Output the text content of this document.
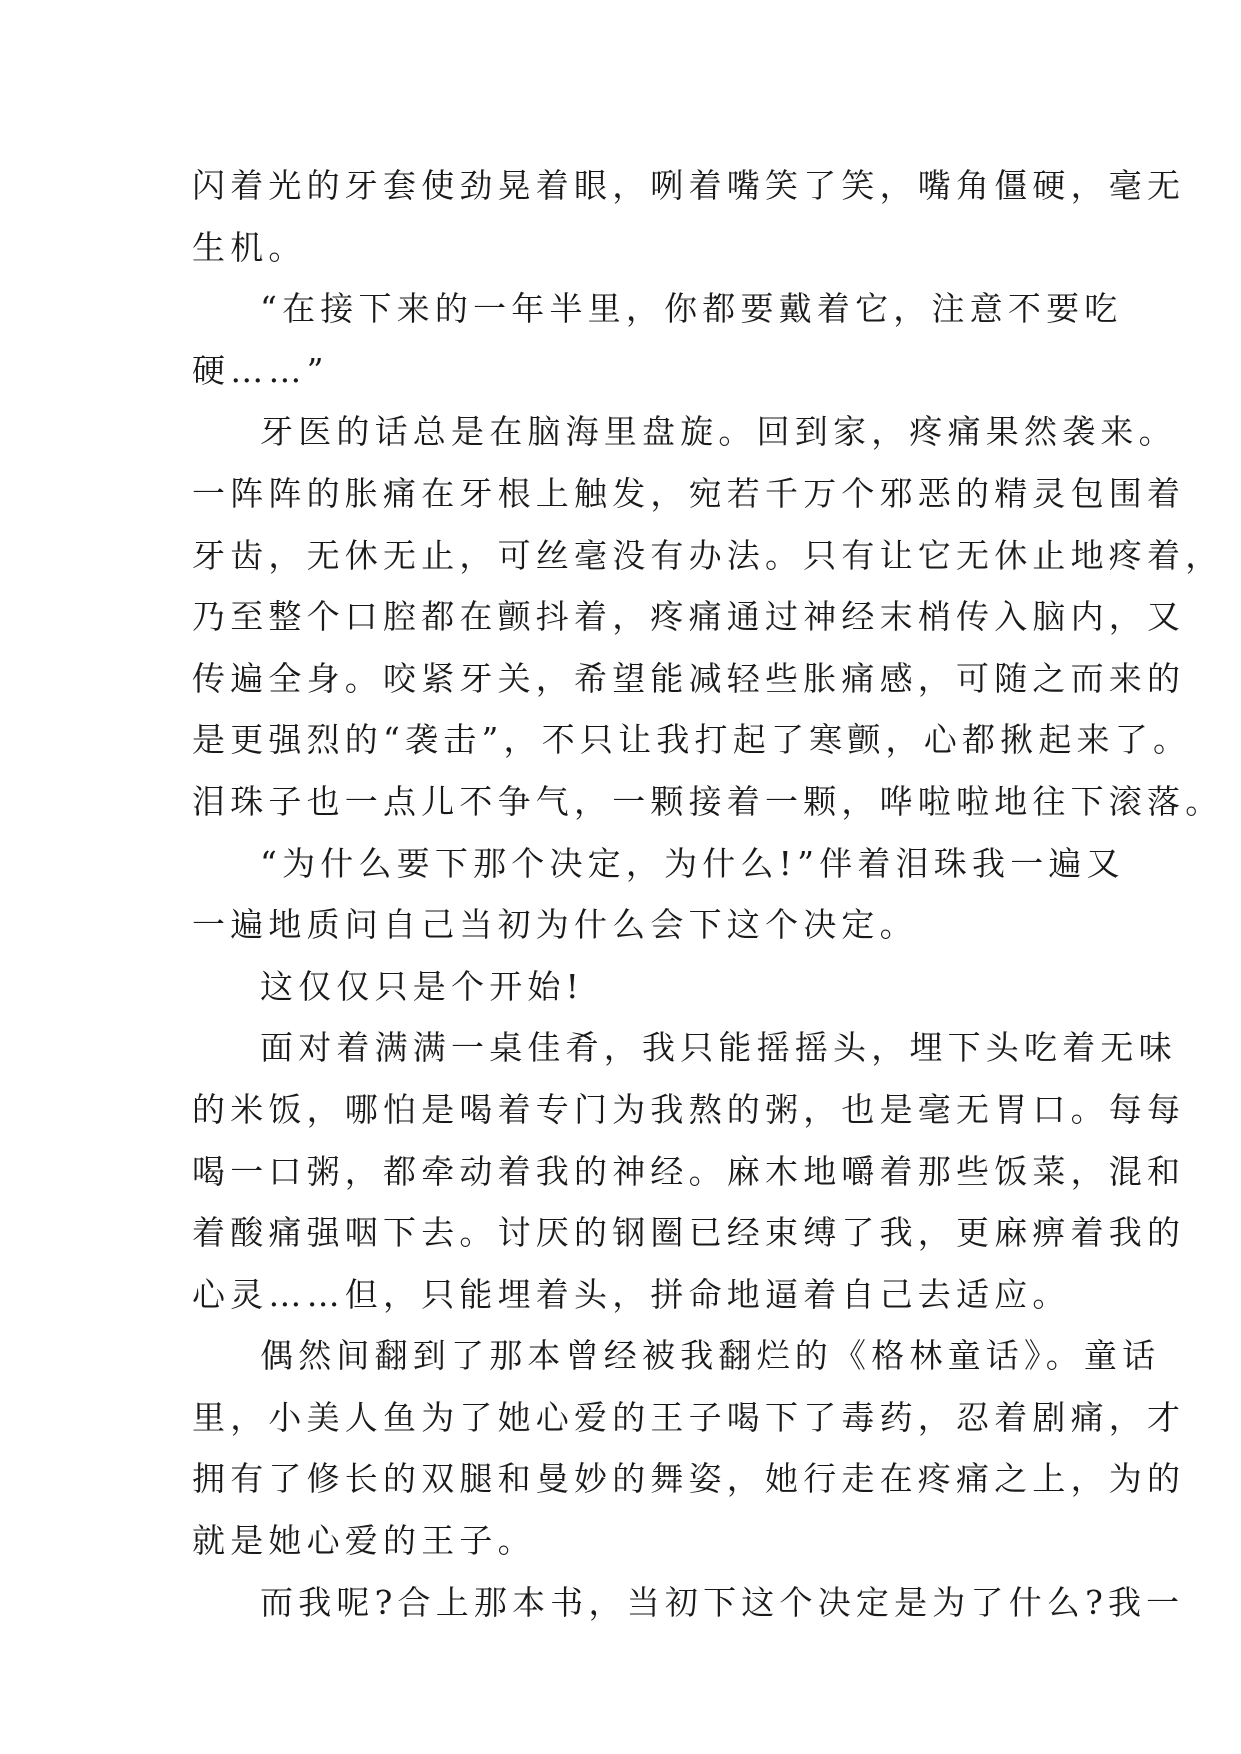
闪着光的牙套使劲晃着眼，咧着嘴笑了笑，嘴角僵硬，毫无
生机。
“在接下来的一年半里，你都要戴着它，注意不要吃
硬……”
牙医的话总是在脑海里盘旋。回到家，疼痛果然袭来。
一阵阵的胀痛在牙根上触发，宛若千万个邪恶的精灵包围着
牙齿，无休无止，可丝毫没有办法。只有让它无休止地疼着，
乃至整个口腔都在颤抖着，疼痛通过神经末梢传入脑内，又
传遍全身。咬紧牙关，希望能减轻些胀痛感，可随之而来的
是更强烈的“袭击”，不只让我打起了寒颤，心都揪起来了。
泪珠子也一点儿不争气，一颗接着一颗，哗啦啦地往下滚落。
“为什么要下那个决定，为什么!”伴着泪珠我一遍又
一遍地质问自己当初为什么会下这个决定。
这仅仅只是个开始!
面对着满满一桌佳肴，我只能摇摇头，埋下头吃着无味
的米饭，哪怕是喝着专门为我熬的粥，也是毫无胃口。每每
喝一口粥，都牵动着我的神经。麻木地嚼着那些饭菜，混和
着酸痛强咽下去。讨厌的钢圈已经束缚了我，更麻痹着我的
心灵……但，只能埋着头，拼命地逼着自己去适应。
偶然间翻到了那本曾经被我翻烂的《格林童话》。童话
里，小美人鱼为了她心爱的王子喝下了毒药，忍着剧痛，才
拥有了修长的双腿和曼妙的舞姿，她行走在疼痛之上，为的
就是她心爱的王子。
而我呢?合上那本书，当初下这个决定是为了什么?我一
